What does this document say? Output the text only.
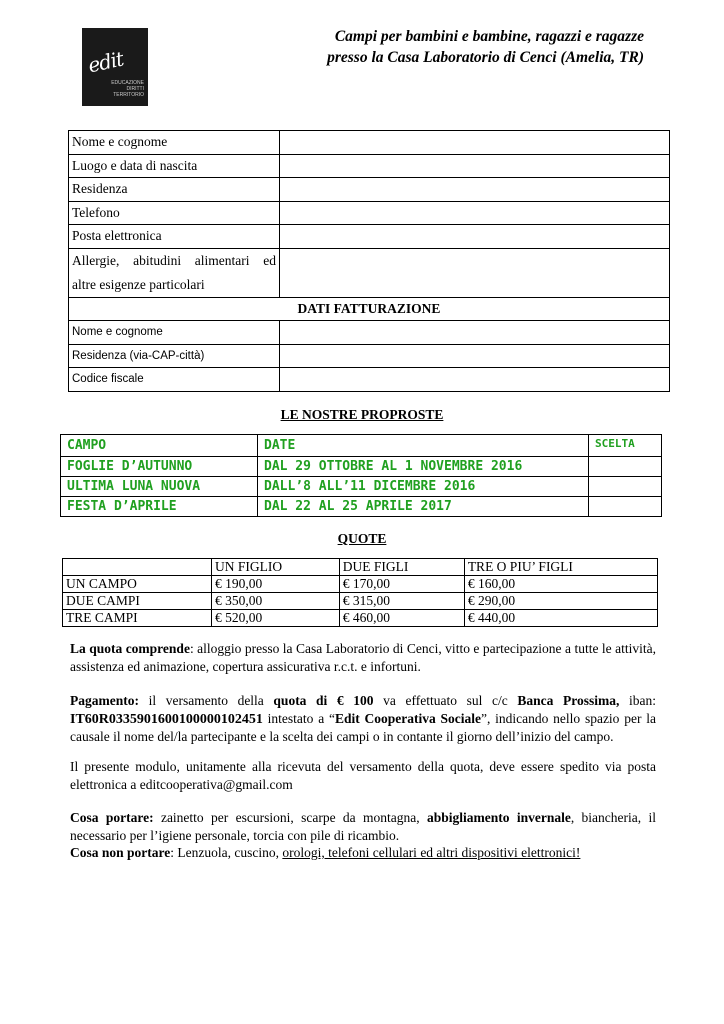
edit
EDUCAZIONE
DIRITTI
TERRITORIO
Campi per bambini e bambine, ragazzi e ragazze
presso la Casa Laboratorio di Cenci (Amelia, TR)
Nome e cognome	
Luogo e data di nascita	
Residenza	
Telefono	
Posta elettronica	

Allergie, abitudini alimentari ed
altre esigenze particolari	

DATI FATTURAZIONE	
Nome e cognome	
Residenza (via-CAP-città)	
Codice fiscale	
LE NOSTRE PROPROSTE
CAMPO	DATE	SCELTA
FOGLIE D’AUTUNNO	DAL 29 OTTOBRE AL 1 NOVEMBRE 2016	
ULTIMA LUNA NUOVA	DALL’8 ALL’11 DICEMBRE 2016	
FESTA D’APRILE	DAL 22 AL 25 APRILE 2017	
QUOTE
	UN FIGLIO	DUE FIGLI	TRE O PIU’ FIGLI
UN CAMPO	€ 190,00	€ 170,00	€ 160,00
DUE CAMPI	€ 350,00	€ 315,00	€ 290,00
TRE CAMPI	€ 520,00	€ 460,00	€ 440,00
La quota comprende: alloggio presso la Casa Laboratorio di Cenci, vitto e partecipazione a tutte le attività, assistenza ed animazione, copertura assicurativa r.c.t. e infortuni.
Pagamento: il versamento della quota di € 100 va effettuato sul c/c Banca Prossima, iban: IT60R0335901600100000102451 intestato a “Edit Cooperativa Sociale”, indicando nello spazio per la causale il nome del/la partecipante e la scelta dei campi o in contante il giorno dell’inizio del campo.
Il presente modulo, unitamente alla ricevuta del versamento della quota, deve essere spedito via posta elettronica a editcooperativa@gmail.com
Cosa portare: zainetto per escursioni, scarpe da montagna, abbigliamento invernale, biancheria, il necessario per l’igiene personale, torcia con pile di ricambio.
Cosa non portare: Lenzuola, cuscino, orologi, telefoni cellulari ed altri dispositivi elettronici!
